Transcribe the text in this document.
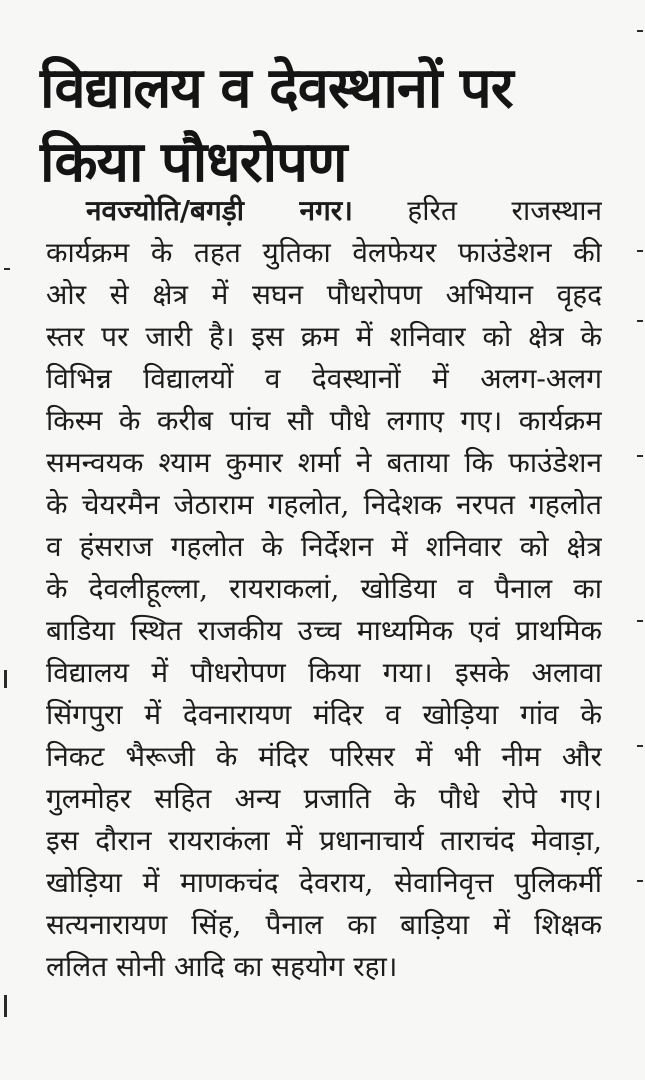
विद्यालय व देवस्थानों पर
किया पौधरोपण
नवज्योति/बगड़ी नगर। हरित राजस्थान
कार्यक्रम के तहत युतिका वेलफेयर फाउंडेशन की
ओर से क्षेत्र में सघन पौधरोपण अभियान वृहद
स्तर पर जारी है। इस क्रम में शनिवार को क्षेत्र के
विभिन्न विद्यालयों व देवस्थानों में अलग-अलग
किस्म के करीब पांच सौ पौधे लगाए गए। कार्यक्रम
समन्वयक श्याम कुमार शर्मा ने बताया कि फाउंडेशन
के चेयरमैन जेठाराम गहलोत, निदेशक नरपत गहलोत
व हंसराज गहलोत के निर्देशन में शनिवार को क्षेत्र
के देवलीहूल्ला, रायराकलां, खोडिया व पैनाल का
बाडिया स्थित राजकीय उच्च माध्यमिक एवं प्राथमिक
विद्यालय में पौधरोपण किया गया। इसके अलावा
सिंगपुरा में देवनारायण मंदिर व खोड़िया गांव के
निकट भैरूजी के मंदिर परिसर में भी नीम और
गुलमोहर सहित अन्य प्रजाति के पौधे रोपे गए।
इस दौरान रायराकंला में प्रधानाचार्य ताराचंद मेवाड़ा,
खोड़िया में माणकचंद देवराय, सेवानिवृत्त पुलिकर्मी
सत्यनारायण सिंह, पैनाल का बाड़िया में शिक्षक
ललित सोनी आदि का सहयोग रहा।
